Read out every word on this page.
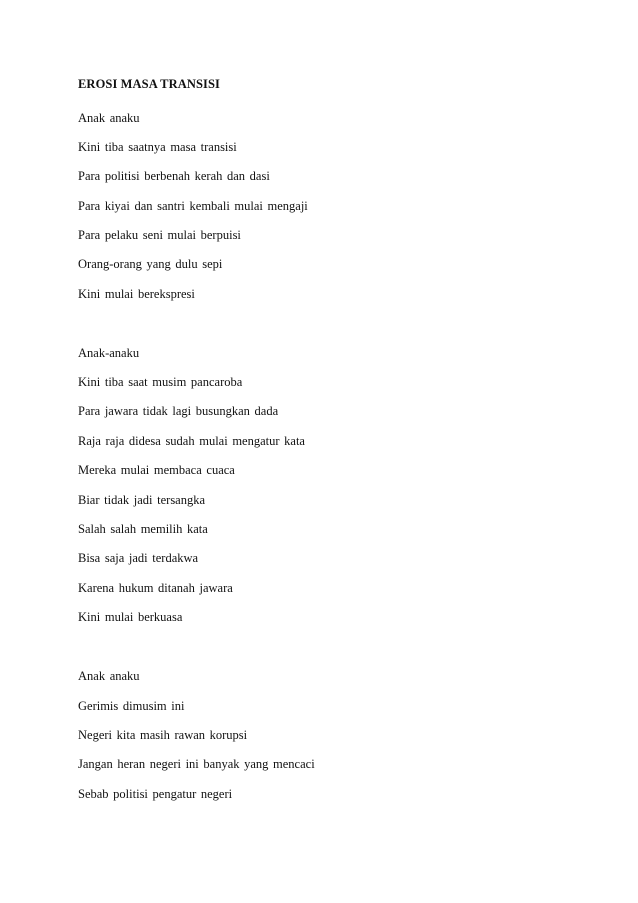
EROSI MASA TRANSISI
Anak anaku
Kini tiba saatnya masa transisi
Para politisi berbenah kerah dan dasi
Para kiyai dan santri kembali mulai mengaji
Para pelaku seni mulai berpuisi
Orang-orang yang dulu sepi
Kini mulai berekspresi
Anak-anaku
Kini tiba saat musim pancaroba
Para jawara tidak lagi busungkan dada
Raja raja didesa sudah mulai mengatur kata
Mereka mulai membaca cuaca
Biar tidak jadi tersangka
Salah salah memilih kata
Bisa saja jadi terdakwa
Karena hukum ditanah jawara
Kini mulai berkuasa
Anak anaku
Gerimis dimusim ini
Negeri kita masih rawan korupsi
Jangan heran negeri ini banyak yang mencaci
Sebab politisi pengatur negeri
